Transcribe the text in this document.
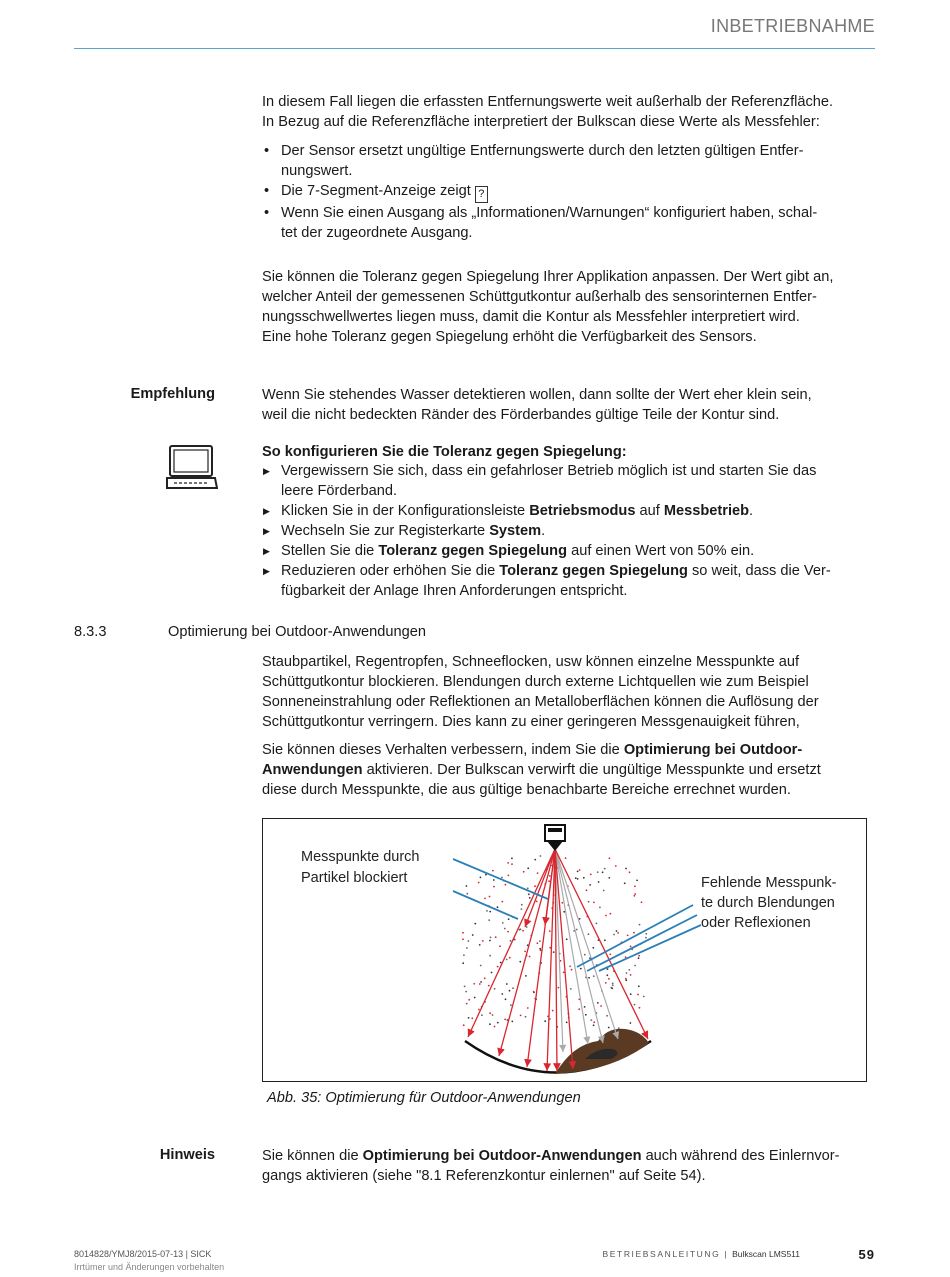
INBETRIEBNAHME

In diesem Fall liegen die erfassten Entfernungswerte weit außerhalb der Referenzfläche.
In Bezug auf die Referenzfläche interpretiert der Bulkscan diese Werte als Messfehler:

• Der Sensor ersetzt ungültige Entfernungswerte durch den letzten gültigen Entfer-
nungswert.
• Die 7-Segment-Anzeige zeigt ?
• Wenn Sie einen Ausgang als „Informationen/Warnungen“ konfiguriert haben, schal-
tet der zugeordnete Ausgang.

Sie können die Toleranz gegen Spiegelung Ihrer Applikation anpassen. Der Wert gibt an,
welcher Anteil der gemessenen Schüttgutkontur außerhalb des sensorinternen Entfer-
nungsschwellwertes liegen muss, damit die Kontur als Messfehler interpretiert wird.
Eine hohe Toleranz gegen Spiegelung erhöht die Verfügbarkeit des Sensors.

Empfehlung	Wenn Sie stehendes Wasser detektieren wollen, dann sollte der Wert eher klein sein,
weil die nicht bedeckten Ränder des Förderbandes gültige Teile der Kontur sind.

So konfigurieren Sie die Toleranz gegen Spiegelung:
▶ Vergewissern Sie sich, dass ein gefahrloser Betrieb möglich ist und starten Sie das
leere Förderband.
▶ Klicken Sie in der Konfigurationsleiste Betriebsmodus auf Messbetrieb.
▶ Wechseln Sie zur Registerkarte System.
▶ Stellen Sie die Toleranz gegen Spiegelung auf einen Wert von 50% ein.
▶ Reduzieren oder erhöhen Sie die Toleranz gegen Spiegelung so weit, dass die Ver-
fügbarkeit der Anlage Ihren Anforderungen entspricht.
8.3.3	Optimierung bei Outdoor-Anwendungen

Staubpartikel, Regentropfen, Schneeflocken, usw können einzelne Messpunkte auf
Schüttgutkontur blockieren. Blendungen durch externe Lichtquellen wie zum Beispiel
Sonneneinstrahlung oder Reflektionen an Metalloberflächen können die Auflösung der
Schüttgutkontur verringern. Dies kann zu einer geringeren Messgenauigkeit führen,

Sie können dieses Verhalten verbessern, indem Sie die Optimierung bei Outdoor-
Anwendungen aktivieren. Der Bulkscan verwirft die ungültige Messpunkte und ersetzt
diese durch Messpunkte, die aus gültige benachbarte Bereiche errechnet wurden.

Messpunkte durch
Partikel blockiert	Fehlende Messpunk-
te durch Blendungen
oder Reflexionen
Abb. 35: Optimierung für Outdoor-Anwendungen
Hinweis	Sie können die Optimierung bei Outdoor-Anwendungen auch während des Einlernvor-
gangs aktivieren (siehe "8.1 Referenzkontur einlernen" auf Seite 54).

8014828/YMJ8/2015-07-13 | SICK
Irrtümer und Änderungen vorbehalten
BETRIEBSANLEITUNG | Bulkscan LMS511	59
